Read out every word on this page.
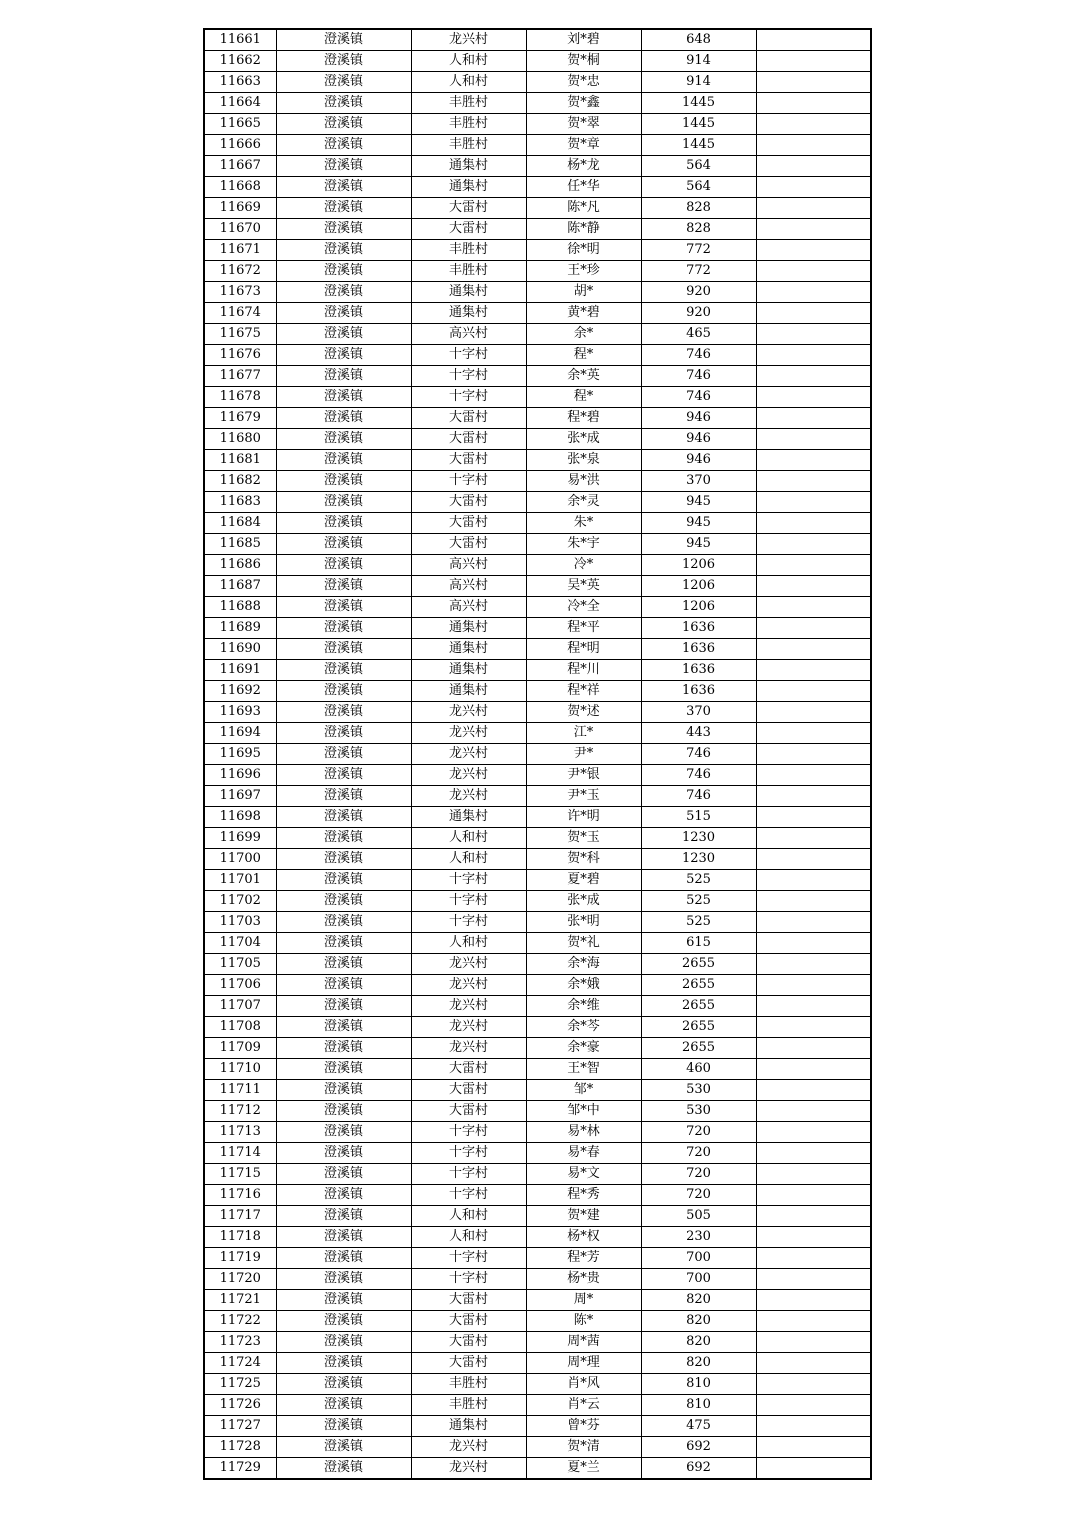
11661	澄溪镇	龙兴村	刘*碧	648	
11662	澄溪镇	人和村	贺*桐	914	
11663	澄溪镇	人和村	贺*忠	914	
11664	澄溪镇	丰胜村	贺*鑫	1445	
11665	澄溪镇	丰胜村	贺*翠	1445	
11666	澄溪镇	丰胜村	贺*章	1445	
11667	澄溪镇	通集村	杨*龙	564	
11668	澄溪镇	通集村	任*华	564	
11669	澄溪镇	大雷村	陈*凡	828	
11670	澄溪镇	大雷村	陈*静	828	
11671	澄溪镇	丰胜村	徐*明	772	
11672	澄溪镇	丰胜村	王*珍	772	
11673	澄溪镇	通集村	胡*	920	
11674	澄溪镇	通集村	黄*碧	920	
11675	澄溪镇	高兴村	余*	465	
11676	澄溪镇	十字村	程*	746	
11677	澄溪镇	十字村	余*英	746	
11678	澄溪镇	十字村	程*	746	
11679	澄溪镇	大雷村	程*碧	946	
11680	澄溪镇	大雷村	张*成	946	
11681	澄溪镇	大雷村	张*泉	946	
11682	澄溪镇	十字村	易*洪	370	
11683	澄溪镇	大雷村	余*灵	945	
11684	澄溪镇	大雷村	朱*	945	
11685	澄溪镇	大雷村	朱*宇	945	
11686	澄溪镇	高兴村	冷*	1206	
11687	澄溪镇	高兴村	吴*英	1206	
11688	澄溪镇	高兴村	冷*全	1206	
11689	澄溪镇	通集村	程*平	1636	
11690	澄溪镇	通集村	程*明	1636	
11691	澄溪镇	通集村	程*川	1636	
11692	澄溪镇	通集村	程*祥	1636	
11693	澄溪镇	龙兴村	贺*述	370	
11694	澄溪镇	龙兴村	江*	443	
11695	澄溪镇	龙兴村	尹*	746	
11696	澄溪镇	龙兴村	尹*银	746	
11697	澄溪镇	龙兴村	尹*玉	746	
11698	澄溪镇	通集村	许*明	515	
11699	澄溪镇	人和村	贺*玉	1230	
11700	澄溪镇	人和村	贺*科	1230	
11701	澄溪镇	十字村	夏*碧	525	
11702	澄溪镇	十字村	张*成	525	
11703	澄溪镇	十字村	张*明	525	
11704	澄溪镇	人和村	贺*礼	615	
11705	澄溪镇	龙兴村	余*海	2655	
11706	澄溪镇	龙兴村	余*娥	2655	
11707	澄溪镇	龙兴村	余*维	2655	
11708	澄溪镇	龙兴村	余*芩	2655	
11709	澄溪镇	龙兴村	余*豪	2655	
11710	澄溪镇	大雷村	王*智	460	
11711	澄溪镇	大雷村	邹*	530	
11712	澄溪镇	大雷村	邹*中	530	
11713	澄溪镇	十字村	易*林	720	
11714	澄溪镇	十字村	易*春	720	
11715	澄溪镇	十字村	易*文	720	
11716	澄溪镇	十字村	程*秀	720	
11717	澄溪镇	人和村	贺*建	505	
11718	澄溪镇	人和村	杨*权	230	
11719	澄溪镇	十字村	程*芳	700	
11720	澄溪镇	十字村	杨*贵	700	
11721	澄溪镇	大雷村	周*	820	
11722	澄溪镇	大雷村	陈*	820	
11723	澄溪镇	大雷村	周*茜	820	
11724	澄溪镇	大雷村	周*理	820	
11725	澄溪镇	丰胜村	肖*风	810	
11726	澄溪镇	丰胜村	肖*云	810	
11727	澄溪镇	通集村	曾*芬	475	
11728	澄溪镇	龙兴村	贺*清	692	
11729	澄溪镇	龙兴村	夏*兰	692	
